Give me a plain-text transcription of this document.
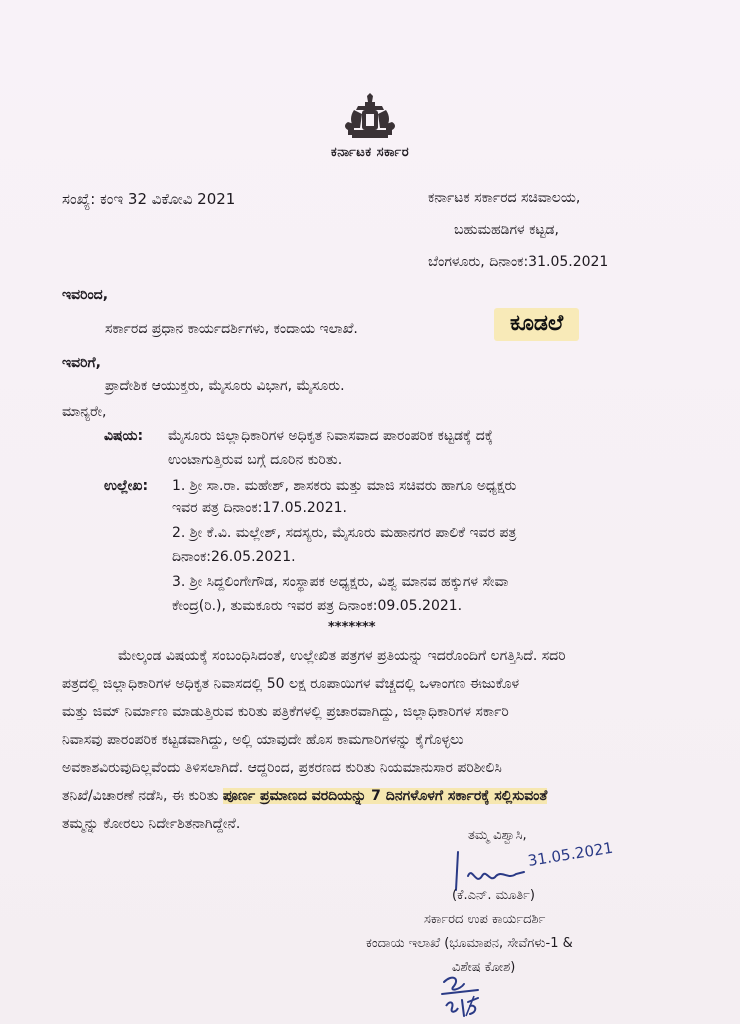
ಕರ್ನಾಟಕ ಸರ್ಕಾರ
ಸಂಖ್ಯೆ: ಕಂಇ 32 ವಿಕೋವಿ 2021	ಕರ್ನಾಟಕ ಸರ್ಕಾರದ ಸಚಿವಾಲಯ,
ಬಹುಮಹಡಿಗಳ ಕಟ್ಟಡ,
ಬೆಂಗಳೂರು, ದಿನಾಂಕ:31.05.2021
ಇವರಿಂದ,
ಸರ್ಕಾರದ ಪ್ರಧಾನ ಕಾರ್ಯದರ್ಶಿಗಳು, ಕಂದಾಯ ಇಲಾಖೆ.	ಕೂಡಲೆ
ಇವರಿಗೆ,
ಪ್ರಾದೇಶಿಕ ಆಯುಕ್ತರು, ಮೈಸೂರು ವಿಭಾಗ, ಮೈಸೂರು.
ಮಾನ್ಯರೇ,
ವಿಷಯ: ಮೈಸೂರು ಜಿಲ್ಲಾಧಿಕಾರಿಗಳ ಅಧಿಕೃತ ನಿವಾಸವಾದ ಪಾರಂಪರಿಕ ಕಟ್ಟಡಕ್ಕೆ ದಕ್ಕೆ
ಉಂಟಾಗುತ್ತಿರುವ ಬಗ್ಗೆ ದೂರಿನ ಕುರಿತು.
ಉಲ್ಲೇಖ: 1. ಶ್ರೀ ಸಾ.ರಾ. ಮಹೇಶ್, ಶಾಸಕರು ಮತ್ತು ಮಾಜಿ ಸಚಿವರು ಹಾಗೂ ಅಧ್ಯಕ್ಷರು
ಇವರ ಪತ್ರ ದಿನಾಂಕ:17.05.2021.
2. ಶ್ರೀ ಕೆ.ವಿ. ಮಲ್ಲೇಶ್, ಸದಸ್ಯರು, ಮೈಸೂರು ಮಹಾನಗರ ಪಾಲಿಕೆ ಇವರ ಪತ್ರ
ದಿನಾಂಕ:26.05.2021.
3. ಶ್ರೀ ಸಿದ್ದಲಿಂಗೇಗೌಡ, ಸಂಸ್ಥಾಪಕ ಅಧ್ಯಕ್ಷರು, ವಿಶ್ವ ಮಾನವ ಹಕ್ಕುಗಳ ಸೇವಾ
ಕೇಂದ್ರ(ರಿ.), ತುಮಕೂರು ಇವರ ಪತ್ರ ದಿನಾಂಕ:09.05.2021.
*******
ಮೇಲ್ಕಂಡ ವಿಷಯಕ್ಕೆ ಸಂಬಂಧಿಸಿದಂತೆ, ಉಲ್ಲೇಖಿತ ಪತ್ರಗಳ ಪ್ರತಿಯನ್ನು ಇದರೊಂದಿಗೆ ಲಗತ್ತಿಸಿದೆ. ಸದರಿ
ಪತ್ರದಲ್ಲಿ ಜಿಲ್ಲಾಧಿಕಾರಿಗಳ ಅಧಿಕೃತ ನಿವಾಸದಲ್ಲಿ 50 ಲಕ್ಷ ರೂಪಾಯಿಗಳ ವೆಚ್ಚದಲ್ಲಿ ಒಳಾಂಗಣ ಈಜುಕೊಳ
ಮತ್ತು ಜಿಮ್ ನಿರ್ಮಾಣ ಮಾಡುತ್ತಿರುವ ಕುರಿತು ಪತ್ರಿಕೆಗಳಲ್ಲಿ ಪ್ರಚಾರವಾಗಿದ್ದು, ಜಿಲ್ಲಾಧಿಕಾರಿಗಳ ಸರ್ಕಾರಿ
ನಿವಾಸವು ಪಾರಂಪರಿಕ ಕಟ್ಟಡವಾಗಿದ್ದು, ಅಲ್ಲಿ ಯಾವುದೇ ಹೊಸ ಕಾಮಗಾರಿಗಳನ್ನು ಕೈಗೊಳ್ಳಲು
ಅವಕಾಶವಿರುವುದಿಲ್ಲವೆಂದು ತಿಳಿಸಲಾಗಿದೆ. ಆದ್ದರಿಂದ, ಪ್ರಕರಣದ ಕುರಿತು ನಿಯಮಾನುಸಾರ ಪರಿಶೀಲಿಸಿ
ತನಿಖೆ/ವಿಚಾರಣೆ ನಡೆಸಿ, ಈ ಕುರಿತು ಪೂರ್ಣ ಪ್ರಮಾಣದ ವರದಿಯನ್ನು 7 ದಿನಗಳೊಳಗೆ ಸರ್ಕಾರಕ್ಕೆ ಸಲ್ಲಿಸುವಂತೆ
ತಮ್ಮನ್ನು ಕೋರಲು ನಿರ್ದೇಶಿತನಾಗಿದ್ದೇನೆ.
ತಮ್ಮ ವಿಶ್ವಾಸಿ,
31.05.2021
(ಕೆ.ಎನ್. ಮೂರ್ತಿ)
ಸರ್ಕಾರದ ಉಪ ಕಾರ್ಯದರ್ಶಿ
ಕಂದಾಯ ಇಲಾಖೆ (ಭೂಮಾಪನ, ಸೇವೆಗಳು-1 &
ವಿಶೇಷ ಕೋಶ)
